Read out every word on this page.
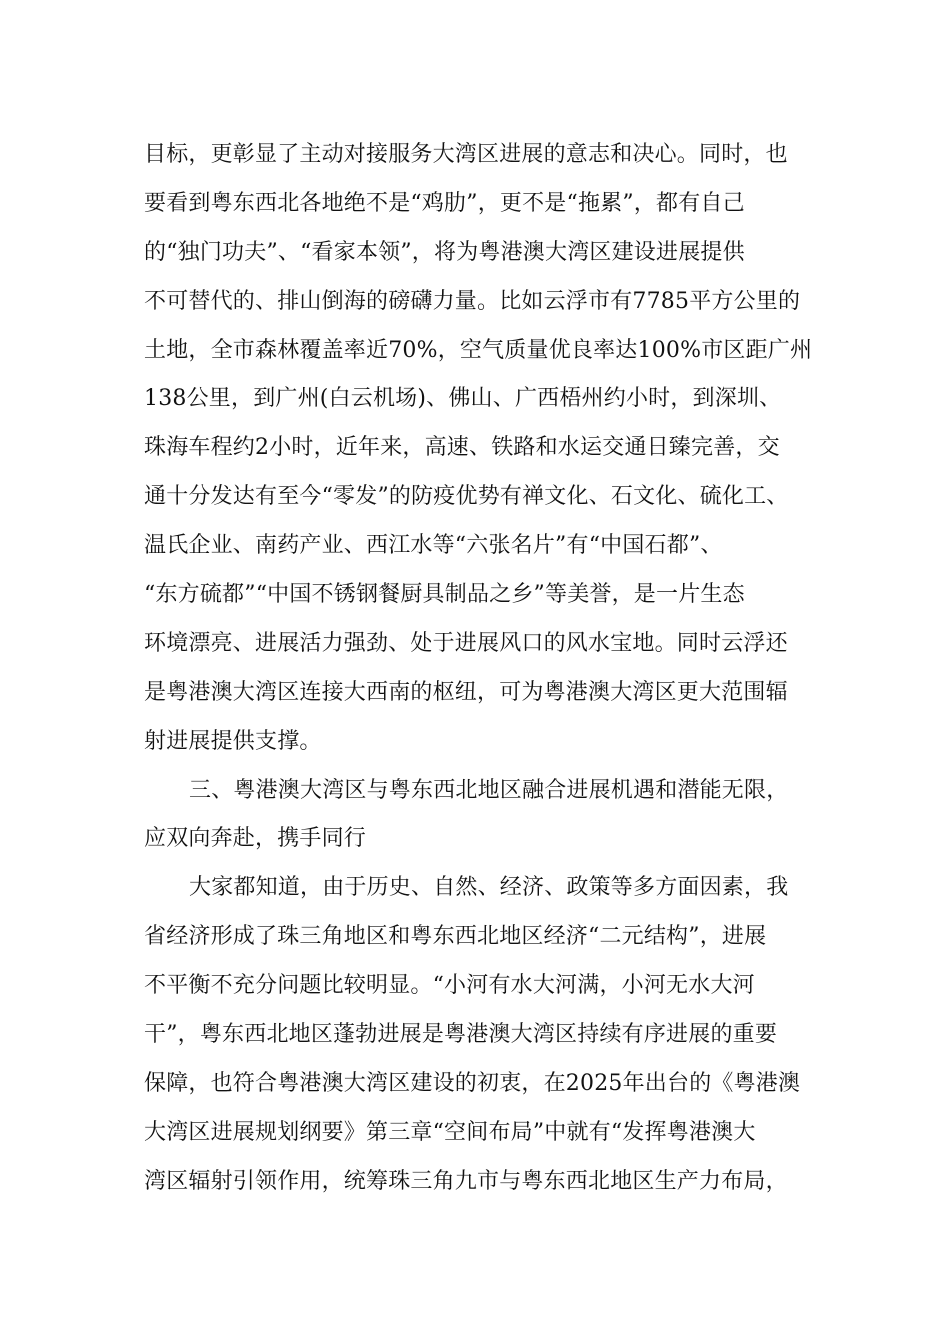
目标，更彰显了主动对接服务大湾区进展的意志和决心。同时，也
要看到粤东西北各地绝不是“鸡肋”，更不是“拖累”，都有自己
的“独门功夫”、“看家本领”，将为粤港澳大湾区建设进展提供
不可替代的、排山倒海的磅礴力量。比如云浮市有7785平方公里的
土地，全市森林覆盖率近70%，空气质量优良率达100%市区距广州
138公里，到广州(白云机场)、佛山、广西梧州约小时，到深圳、
珠海车程约2小时，近年来，高速、铁路和水运交通日臻完善，交
通十分发达有至今“零发”的防疫优势有禅文化、石文化、硫化工、
温氏企业、南药产业、西江水等“六张名片”有“中国石都”、
“东方硫都”“中国不锈钢餐厨具制品之乡”等美誉，是一片生态
环境漂亮、进展活力强劲、处于进展风口的风水宝地。同时云浮还
是粤港澳大湾区连接大西南的枢纽，可为粤港澳大湾区更大范围辐
射进展提供支撑。
三、粤港澳大湾区与粤东西北地区融合进展机遇和潜能无限，
应双向奔赴，携手同行
大家都知道，由于历史、自然、经济、政策等多方面因素，我
省经济形成了珠三角地区和粤东西北地区经济“二元结构”，进展
不平衡不充分问题比较明显。“小河有水大河满，小河无水大河
干”，粤东西北地区蓬勃进展是粤港澳大湾区持续有序进展的重要
保障，也符合粤港澳大湾区建设的初衷，在2025年出台的《粤港澳
大湾区进展规划纲要》第三章“空间布局”中就有“发挥粤港澳大
湾区辐射引领作用，统筹珠三角九市与粤东西北地区生产力布局，
